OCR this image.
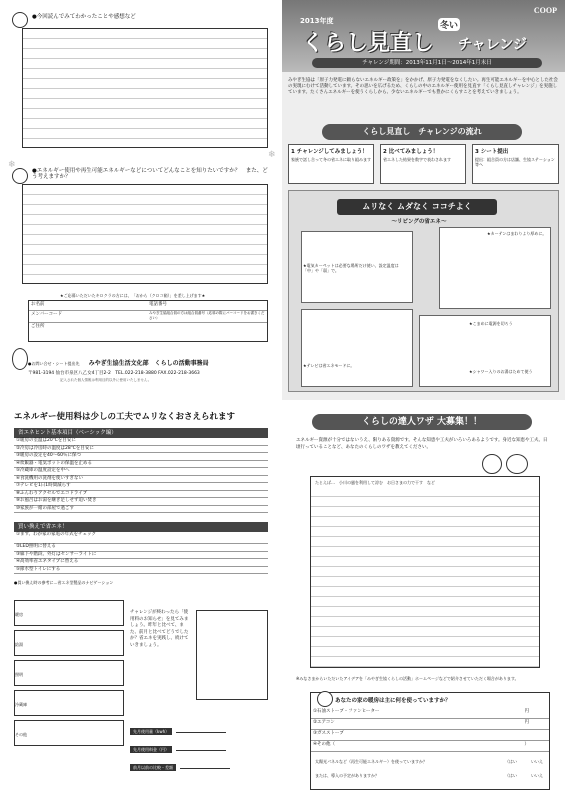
●今回読んでみてわかったことや感想など
●エネルギー使用や再生可能エネルギーなどについてどんなことを知りたいですか？　また、どう考えますか？
★ご応募いただいたキロクラの方には、「おから（クロコ箱）」を差し上げます★
お名前	電話番号
メンバーコード	みやぎ生協組合員の方は組合員番号（応募の際にバーコードをお書きください）
ご住所
●お問い合せ・シート提出先 みやぎ生協生活文化部　くらしの活動事務局
〒981-3194 仙台市泉区八乙女4丁目2-2　TEL.022-218-3880 FAX.022-218-3663
記入された個人情報は利用目的以外に使用いたしません。
❄
❄
COOP
2013年度
くらし見直し
冬い
チャレンジ
チャレンジ期間：2013年11月1日～2014年1月末日
みやぎ生協は「原子力発電に頼らないエネルギー政策を」をかかげ、原子力発電をなくしたい。再生可能エネルギーを中心とした社会の実現にむけて活動しています。その思いを広げるため、くらしの中のエネルギー使用を見直す「くらし見直しチャレンジ」を実施しています。たくさんエネルギーを使うくらしから、少ないエネルギーでも豊かにくらすことを考えていきましょう。
くらし見直し　チャレンジの流れ
1 チャレンジしてみましょう！
家族で話し合って冬の省エネに取り組みます
2 比べてみましょう！
省エネした結果を数字で表わされます
3 シート提出
提出：組合員の方は店舗、生協ステーション等へ
ムリなく ムダなく ココチよく
～リビングの省エネ～
★電気カーペットは必要な場所だけ使い、設定温度は「中」や「弱」で。
★カーテンはまわりより厚めに。
★テレビは省エネモードに。
★こまめに電源を切ろう
★シャワー入りのお湯はためて使う
エネルギー使用料は少しの工夫でムリなくおさえられます
省エネヒント基本項目（ベーシック編）
①暖房の室温は20℃を目安に
②冷房は冷房時の温度は28℃を目安に
③暖房の設定を40～60％に保つ
④炊飯器・電気ポットの保温を止める
⑤冷蔵庫の温度設定を中へ
⑥食洗機用の洗剤を使いすぎない
⑦テレビを1日1時間減らす
⑧ふんわりアクセルでエコドライブ
⑨お風呂はお湯を継ぎ足しせず追い焚き
⑩家族が一緒の部屋で過ごす
買い換えで省エネ！
①まず、わが家の家電の年式をチェック
②LED照明に替える
③廊下や階段、外灯はセンサーライトに
④高効率省エネタイプに替える
⑤節水型トイレにする
●買い換え時の参考に…省エネ型製品のナビゲーション
暖房
給湯
照明
冷蔵庫
その他
チャレンジが終わったら「使用料のお知らせ」を見てみましょう。昨年と比べて、また、前月と比べてどうでしたか？省エネを実践し、続けていきましょう。
先月使用量（kwh）
先月使用料金（円）
前月以前の比較・差額
くらしの達人ワザ 大募集！！
エネルギー資源が十分ではないうえ、限りある資源です。そんな知恵や工夫がいろいろあるようです。身近な知恵や工夫、日頃行っていることなど、あなたのくらしのワザを教えてください。
たとえば…　小川の風を利用して涼む　お日さまの力で干す　など
※みなさまからいただいたアイデアを「みやぎ生協くらしの活動」ホームページなどで紹介させていただく場合があります。
あなたの家の暖房は主に何を使っていますか？
①石油ストーブ・ファンヒーター	円
②エアコン	円
③ガスストーブ
④その他（	）
太陽光パネルなど（再生可能エネルギー）を使っていますか？	（はい	いいえ
または、導入の予定がありますか？	（はい	いいえ
